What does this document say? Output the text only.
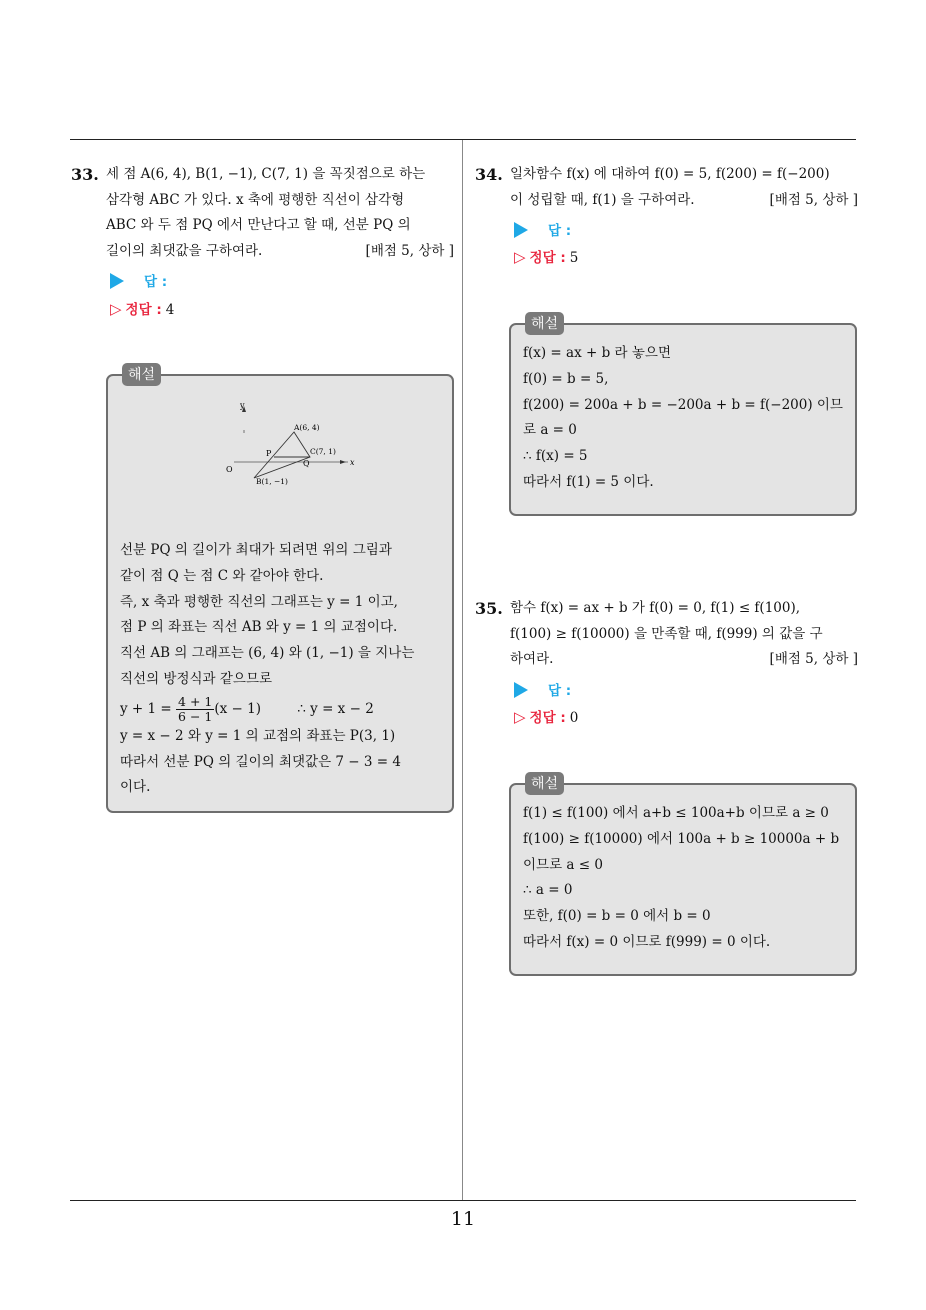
33. 세 점 A(6, 4), B(1, −1), C(7, 1) 을 꼭짓점으로 하는
삼각형 ABC 가 있다. x 축에 평행한 직선이 삼각형
ABC 와 두 점 PQ 에서 만난다고 할 때, 선분 PQ 의
길이의 최댓값을 구하여라.	[배점 5, 상하 ]
답 :
▷ 정답 : 4
해설
y
x
O
A(6, 4)
B(1, −1)
C(7, 1)
P
Q
선분 PQ 의 길이가 최대가 되려면 위의 그림과
같이 점 Q 는 점 C 와 같아야 한다.
즉, x 축과 평행한 직선의 그래프는 y = 1 이고,
점 P 의 좌표는 직선 AB 와 y = 1 의 교점이다.
직선 AB 의 그래프는 (6, 4) 와 (1, −1) 을 지나는
직선의 방정식과 같으므로
$y + 1 = \frac{4 + 1}{6 - 1} (x - 1)$	∴ y = x − 2
y = x − 2 와 y = 1 의 교점의 좌표는 P(3, 1)
따라서 선분 PQ 의 길이의 최댓값은 7 − 3 = 4
이다.
34. 일차함수 f(x) 에 대하여 f(0) = 5, f(200) = f(−200)
이 성립할 때, f(1) 을 구하여라.	[배점 5, 상하 ]
답 :
▷ 정답 : 5
해설
f(x) = ax + b 라 놓으면
f(0) = b = 5,
f(200) = 200a + b = −200a + b = f(−200) 이므
로 a = 0
∴ f(x) = 5
따라서 f(1) = 5 이다.
35. 함수 f(x) = ax + b 가 f(0) = 0, f(1) ≤ f(100),
f(100) ≥ f(10000) 을 만족할 때, f(999) 의 값을 구
하여라.	[배점 5, 상하 ]
답 :
▷ 정답 : 0
해설
f(1) ≤ f(100) 에서 a+b ≤ 100a+b 이므로 a ≥ 0
f(100) ≥ f(10000) 에서 100a + b ≥ 10000a + b
이므로 a ≤ 0
∴ a = 0
또한, f(0) = b = 0 에서 b = 0
따라서 f(x) = 0 이므로 f(999) = 0 이다.
11
